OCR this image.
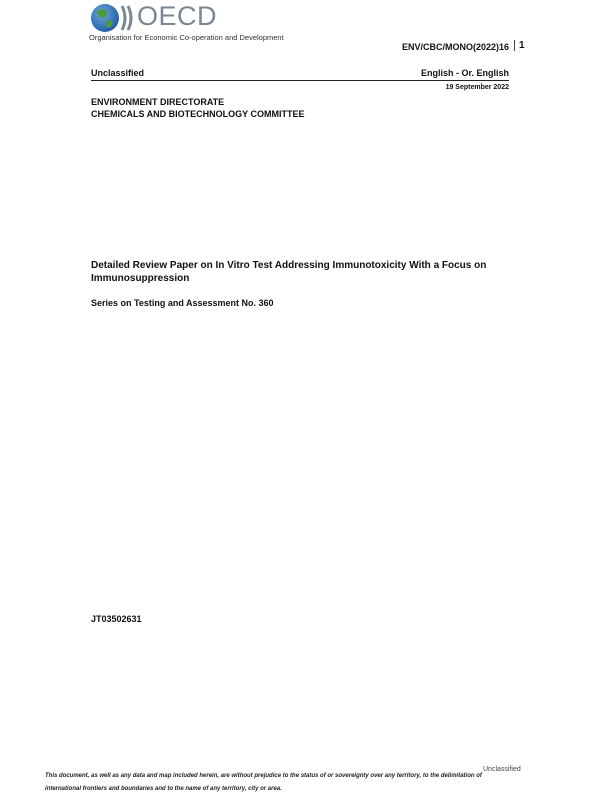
OECD
Organisation for Economic Co-operation and Development
ENV/CBC/MONO(2022)16 1
Unclassified	English - Or. English
19 September 2022
ENVIRONMENT DIRECTORATE
CHEMICALS AND BIOTECHNOLOGY COMMITTEE
Detailed Review Paper on In Vitro Test Addressing Immunotoxicity With a Focus on Immunosuppression
Series on Testing and Assessment No. 360
JT03502631
Unclassified
This document, as well as any data and map included herein, are without prejudice to the status of or sovereignty over any territory, to the delimitation of international frontiers and boundaries and to the name of any territory, city or area.
